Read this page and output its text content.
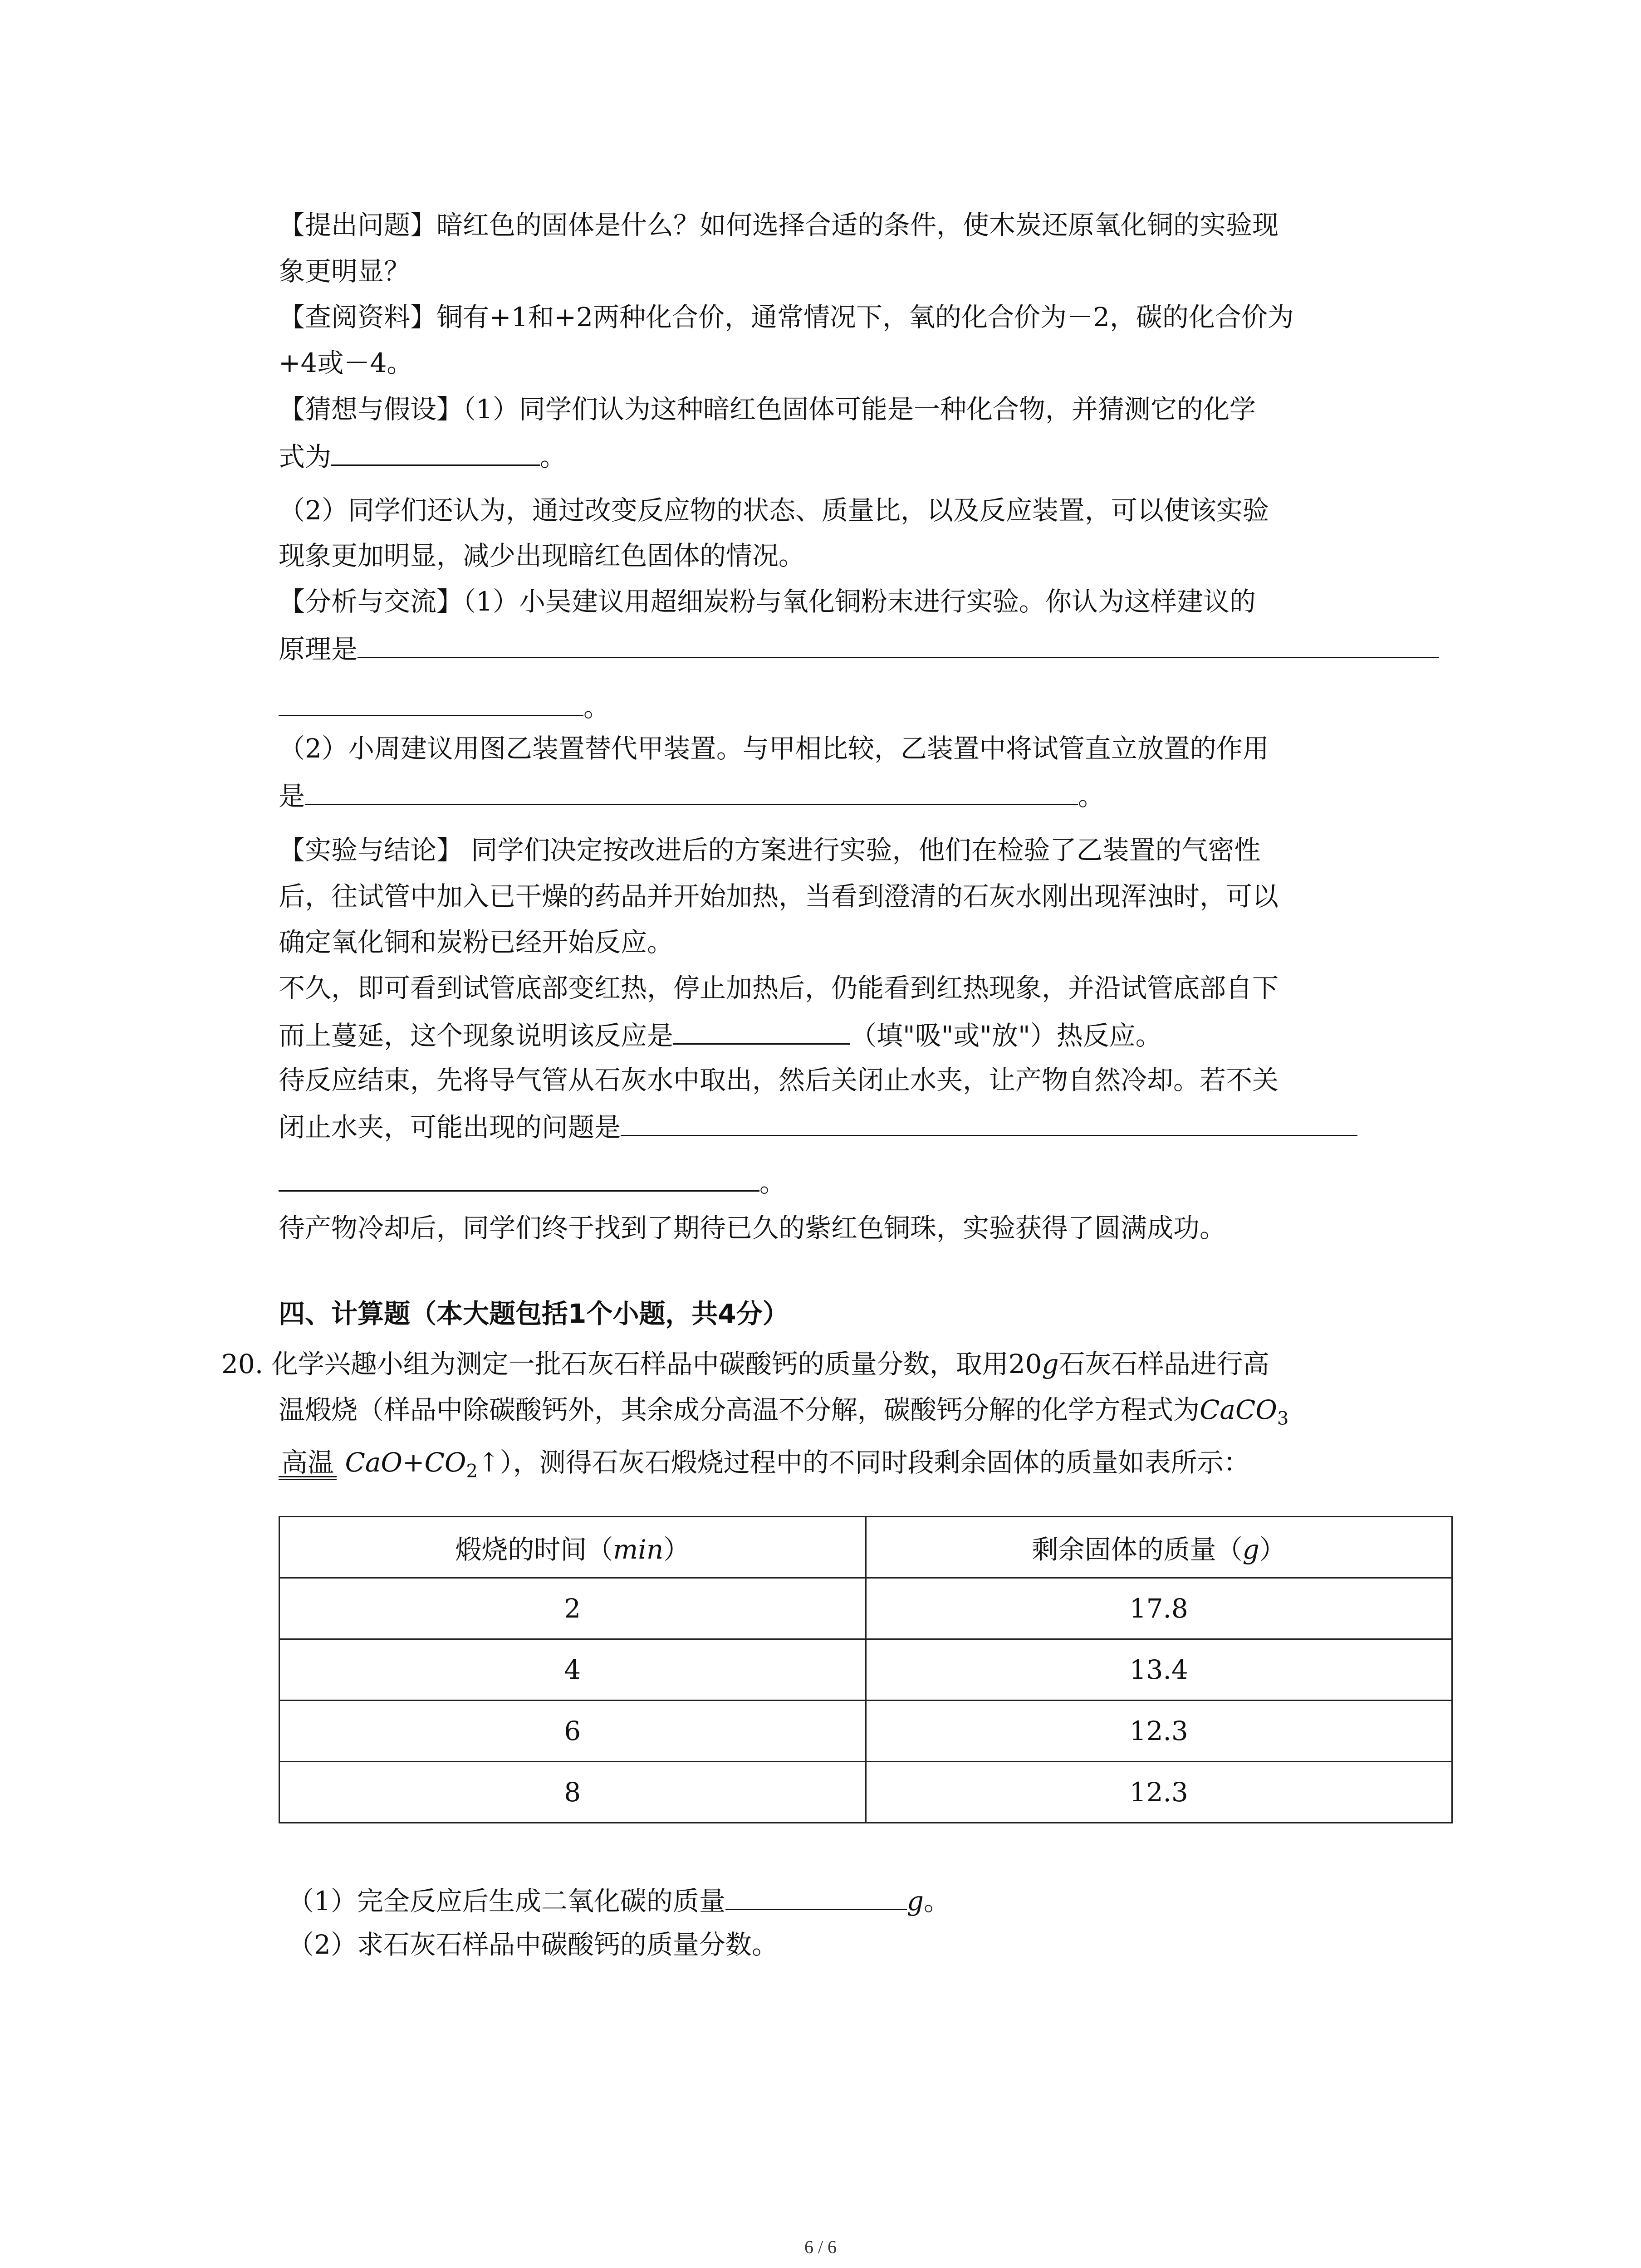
【提出问题】暗红色的固体是什么？如何选择合适的条件，使木炭还原氧化铜的实验现

象更明显？

【查阅资料】铜有+1和+2两种化合价，通常情况下，氧的化合价为－2，碳的化合价为

+4或－4。

【猜想与假设】（1）同学们认为这种暗红色固体可能是一种化合物，并猜测它的化学

式为	。

（2）同学们还认为，通过改变反应物的状态、质量比，以及反应装置，可以使该实验

现象更加明显，减少出现暗红色固体的情况。

【分析与交流】（1）小吴建议用超细炭粉与氧化铜粉末进行实验。你认为这样建议的

原理是

。

（2）小周建议用图乙装置替代甲装置。与甲相比较，乙装置中将试管直立放置的作用

是	。

【实验与结论】 同学们决定按改进后的方案进行实验，他们在检验了乙装置的气密性

后，往试管中加入已干燥的药品并开始加热，当看到澄清的石灰水刚出现浑浊时，可以

确定氧化铜和炭粉已经开始反应。

不久，即可看到试管底部变红热，停止加热后，仍能看到红热现象，并沿试管底部自下

而上蔓延，这个现象说明该反应是	（填"吸"或"放"）热反应。

待反应结束，先将导气管从石灰水中取出，然后关闭止水夹，让产物自然冷却。若不关

闭止水夹，可能出现的问题是

。

待产物冷却后，同学们终于找到了期待已久的紫红色铜珠，实验获得了圆满成功。

四、计算题（本大题包括1个小题，共4分）

20. 化学兴趣小组为测定一批石灰石样品中碳酸钙的质量分数，取用20g石灰石样品进行高

温煅烧（样品中除碳酸钙外，其余成分高温不分解，碳酸钙分解的化学方程式为CaCO$_3$

高温 $CaO+CO_2↑$），测得石灰石煅烧过程中的不同时段剩余固体的质量如表所示：

煅烧的时间（min）	剩余固体的质量（g）
2	17.8
4	13.4
6	12.3
8	12.3

（1）完全反应后生成二氧化碳的质量	g。

（2）求石灰石样品中碳酸钙的质量分数。

6 / 6
